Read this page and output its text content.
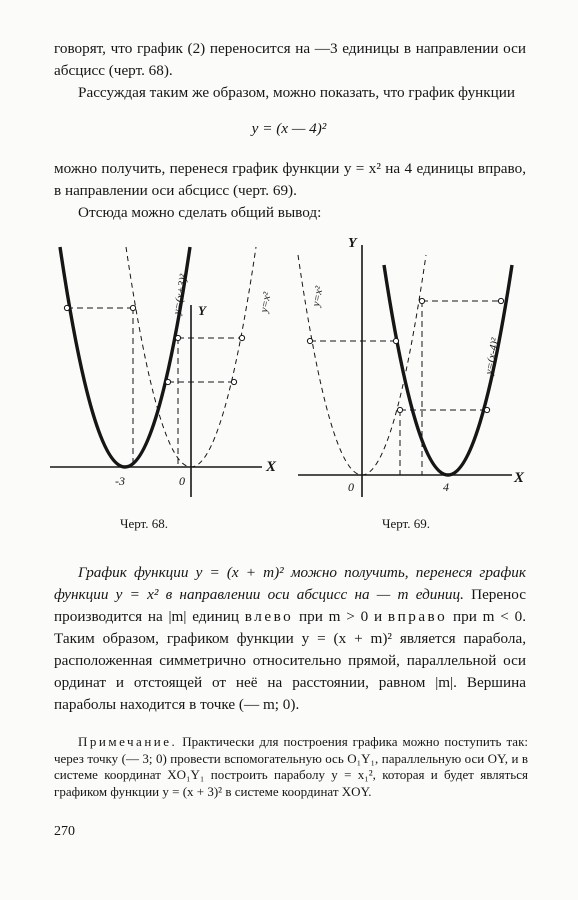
говорят, что график (2) переносится на —3 единицы в направлении оси абсцисс (черт. 68).

Рассуждая таким же образом, можно показать, что график функции

y = (x — 4)²

можно получить, перенеся график функции y = x² на 4 единицы вправо, в направлении оси абсцисс (черт. 69).

Отсюда можно сделать общий вывод:

X
Y
-3	0
y=(x+3)²	y=x²
Черт. 68.
X
Y
0	4
y=x²
y=(x-4)²
Черт. 69.

График функции y = (x + m)² можно получить, перенеся график функции y = x² в направлении оси абсцисс на — m единиц. Перенос производится на |m| единиц влево при m > 0 и вправо при m < 0. Таким образом, графиком функции y = (x + m)² является парабола, расположенная симметрично относительно прямой, параллельной оси ординат и отстоящей от неё на расстоянии, равном |m|. Вершина параболы находится в точке (— m; 0).

Примечание. Практически для построения графика можно поступить так: через точку (— 3; 0) провести вспомогательную ось O₁Y₁, параллельную оси OY, и в системе координат XO₁Y₁ построить параболу y = x₁², которая и будет являться графиком функции y = (x + 3)² в системе координат XOY.
270
